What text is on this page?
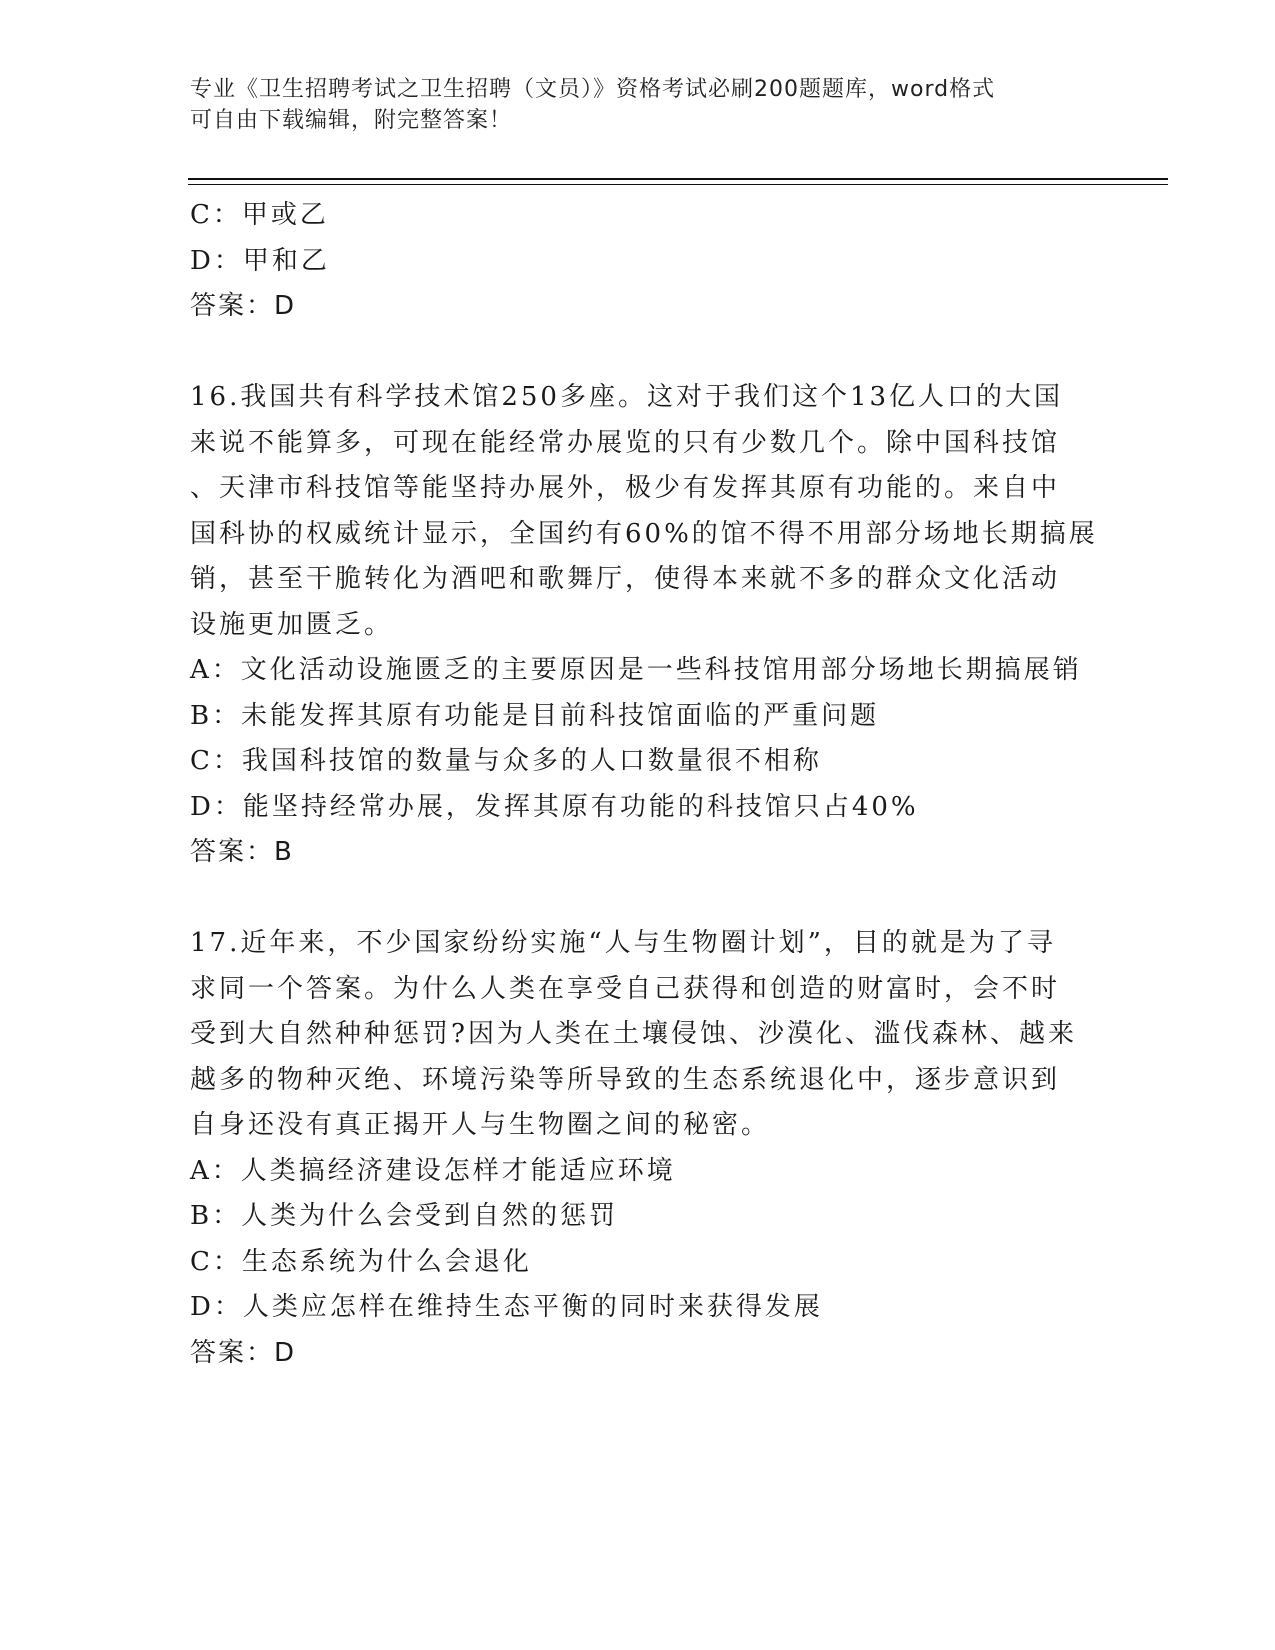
专业《卫生招聘考试之卫生招聘（文员）》资格考试必刷200题题库，word格式
可自由下载编辑，附完整答案！
C：甲或乙
D：甲和乙
答案：D
16.我国共有科学技术馆250多座。这对于我们这个13亿人口的大国
来说不能算多，可现在能经常办展览的只有少数几个。除中国科技馆
、天津市科技馆等能坚持办展外，极少有发挥其原有功能的。来自中
国科协的权威统计显示，全国约有60%的馆不得不用部分场地长期搞展
销，甚至干脆转化为酒吧和歌舞厅，使得本来就不多的群众文化活动
设施更加匮乏。
A：文化活动设施匮乏的主要原因是一些科技馆用部分场地长期搞展销
B：未能发挥其原有功能是目前科技馆面临的严重问题
C：我国科技馆的数量与众多的人口数量很不相称
D：能坚持经常办展，发挥其原有功能的科技馆只占40%
答案：B
17.近年来，不少国家纷纷实施“人与生物圈计划”，目的就是为了寻
求同一个答案。为什么人类在享受自己获得和创造的财富时，会不时
受到大自然种种惩罚?因为人类在土壤侵蚀、沙漠化、滥伐森林、越来
越多的物种灭绝、环境污染等所导致的生态系统退化中，逐步意识到
自身还没有真正揭开人与生物圈之间的秘密。
A：人类搞经济建设怎样才能适应环境
B：人类为什么会受到自然的惩罚
C：生态系统为什么会退化
D：人类应怎样在维持生态平衡的同时来获得发展
答案：D
